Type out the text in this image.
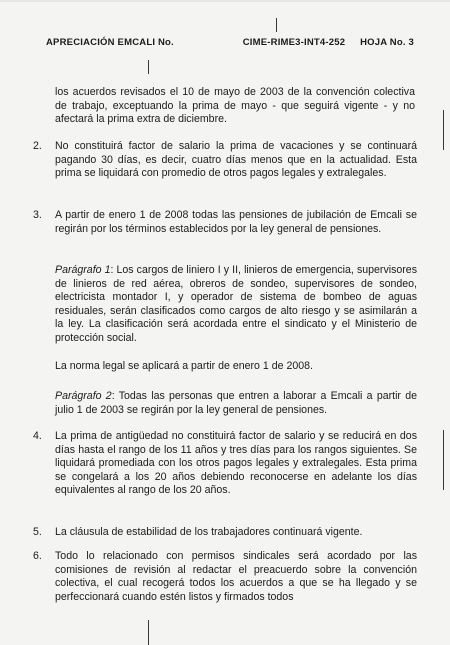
APRECIACIÓN EMCALI No.	CIME-RIME3-INT4-252 HOJA No. 3

los acuerdos revisados el 10 de mayo de 2003 de la convención colectiva de trabajo, exceptuando la prima de mayo - que seguirá vigente - y no afectará la prima extra de diciembre.

2.	No constituirá factor de salario la prima de vacaciones y se continuará pagando 30 días, es decir, cuatro días menos que en la actualidad. Esta prima se liquidará con promedio de otros pagos legales y extralegales.
3.	A partir de enero 1 de 2008 todas las pensiones de jubilación de Emcali se regirán por los términos establecidos por la ley general de pensiones.

Parágrafo 1: Los cargos de liniero I y II, linieros de emergencia, supervisores de linieros de red aérea, obreros de sondeo, supervisores de sondeo, electricista montador I, y operador de sistema de bombeo de aguas residuales, serán clasificados como cargos de alto riesgo y se asimilarán a la ley. La clasificación será acordada entre el sindicato y el Ministerio de protección social.

La norma legal se aplicará a partir de enero 1 de 2008.

Parágrafo 2: Todas las personas que entren a laborar a Emcali a partir de julio 1 de 2003 se regirán por la ley general de pensiones.

4.	La prima de antigüedad no constituirá factor de salario y se reducirá en dos días hasta el rango de los 11 años y tres días para los rangos siguientes. Se liquidará promediada con los otros pagos legales y extralegales. Esta prima se congelará a los 20 años debiendo reconocerse en adelante los días equivalentes al rango de los 20 años.
5.	La cláusula de estabilidad de los trabajadores continuará vigente.
6.	Todo lo relacionado con permisos sindicales será acordado por las comisiones de revisión al redactar el preacuerdo sobre la convención colectiva, el cual recogerá todos los acuerdos a que se ha llegado y se perfeccionará cuando estén listos y firmados todos
